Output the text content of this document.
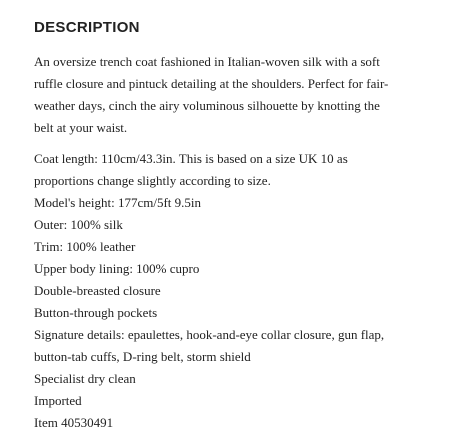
DESCRIPTION

An oversize trench coat fashioned in Italian-woven silk with a soft ruffle closure and pintuck detailing at the shoulders. Perfect for fair-weather days, cinch the airy voluminous silhouette by knotting the belt at your waist.

Coat length: 110cm/43.3in. This is based on a size UK 10 as proportions change slightly according to size.
Model's height: 177cm/5ft 9.5in
Outer: 100% silk
Trim: 100% leather
Upper body lining: 100% cupro
Double-breasted closure
Button-through pockets
Signature details: epaulettes, hook-and-eye collar closure, gun flap, button-tab cuffs, D-ring belt, storm shield
Specialist dry clean
Imported
Item 40530491
